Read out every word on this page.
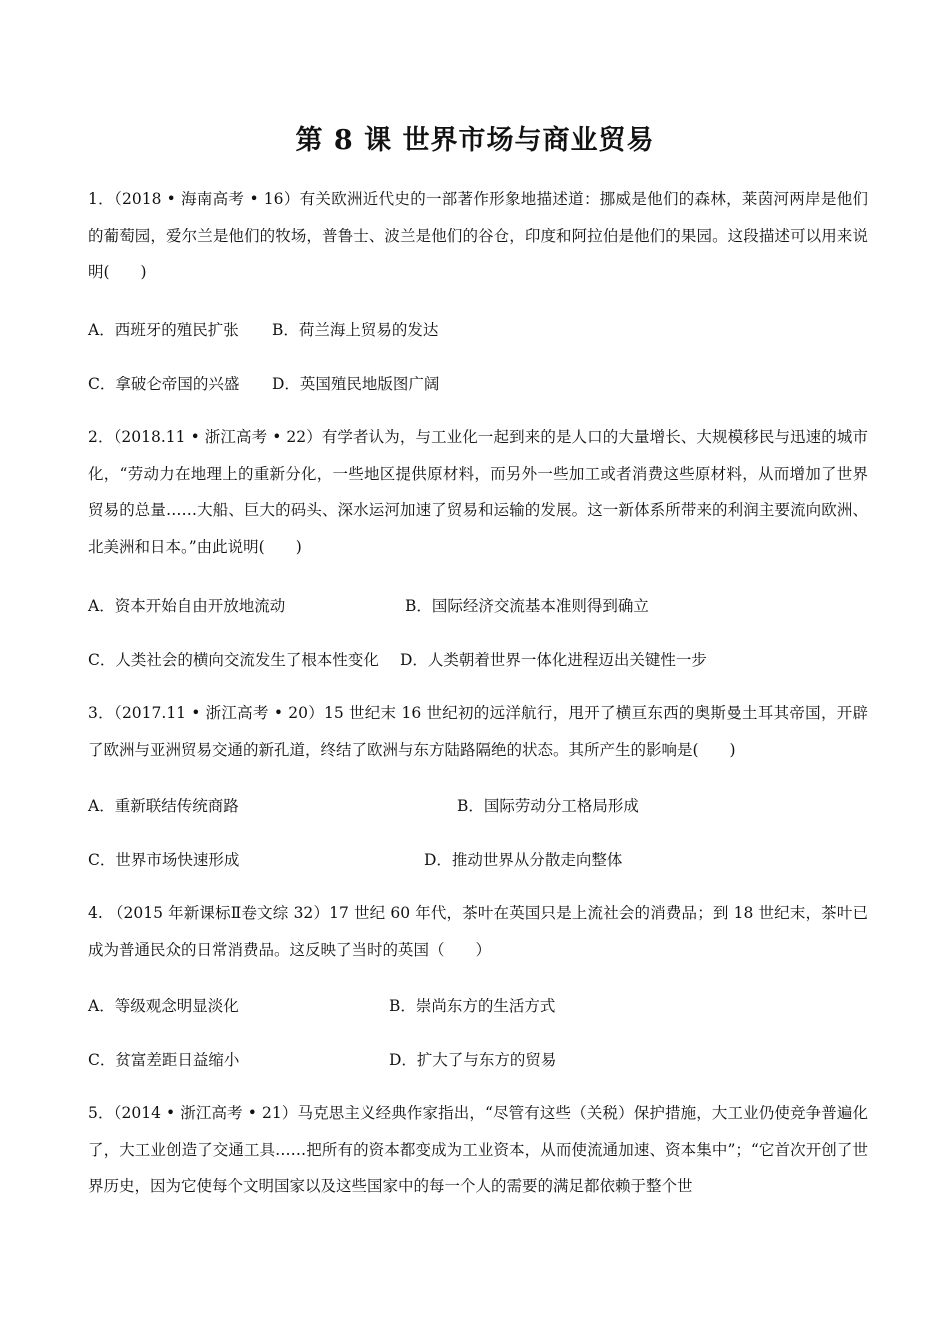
第 8 课 世界市场与商业贸易
1．（2018 • 海南高考 • 16）有关欧洲近代史的一部著作形象地描述道：挪威是他们的森林，莱茵河两岸是他们的葡萄园，爱尔兰是他们的牧场，普鲁士、波兰是他们的谷仓，印度和阿拉伯是他们的果园。这段描述可以用来说明(　　)
A．西班牙的殖民扩张 B．荷兰海上贸易的发达
C．拿破仑帝国的兴盛 D．英国殖民地版图广阔
2．（2018.11 • 浙江高考 • 22）有学者认为，与工业化一起到来的是人口的大量增长、大规模移民与迅速的城市化，“劳动力在地理上的重新分化，一些地区提供原材料，而另外一些加工或者消费这些原材料，从而增加了世界贸易的总量……大船、巨大的码头、深水运河加速了贸易和运输的发展。这一新体系所带来的利润主要流向欧洲、北美洲和日本。”由此说明(　　)
A．资本开始自由开放地流动	B．国际经济交流基本准则得到确立
C．人类社会的横向交流发生了根本性变化 D．人类朝着世界一体化进程迈出关键性一步
3．（2017.11 • 浙江高考 • 20）15 世纪末 16 世纪初的远洋航行，甩开了横亘东西的奥斯曼土耳其帝国，开辟了欧洲与亚洲贸易交通的新孔道，终结了欧洲与东方陆路隔绝的状态。其所产生的影响是(　　)
A．重新联结传统商路	B．国际劳动分工格局形成
C．世界市场快速形成	D．推动世界从分散走向整体
4. （2015 年新课标Ⅱ卷文综 32）17 世纪 60 年代，茶叶在英国只是上流社会的消费品；到 18 世纪末，茶叶已成为普通民众的日常消费品。这反映了当时的英国（　　）
A．等级观念明显淡化	B．崇尚东方的生活方式
C．贫富差距日益缩小	D．扩大了与东方的贸易
5．（2014 • 浙江高考 • 21）马克思主义经典作家指出，“尽管有这些（关税）保护措施，大工业仍使竞争普遍化了，大工业创造了交通工具……把所有的资本都变成为工业资本，从而使流通加速、资本集中”；“它首次开创了世界历史，因为它使每个文明国家以及这些国家中的每一个人的需要的满足都依赖于整个世
